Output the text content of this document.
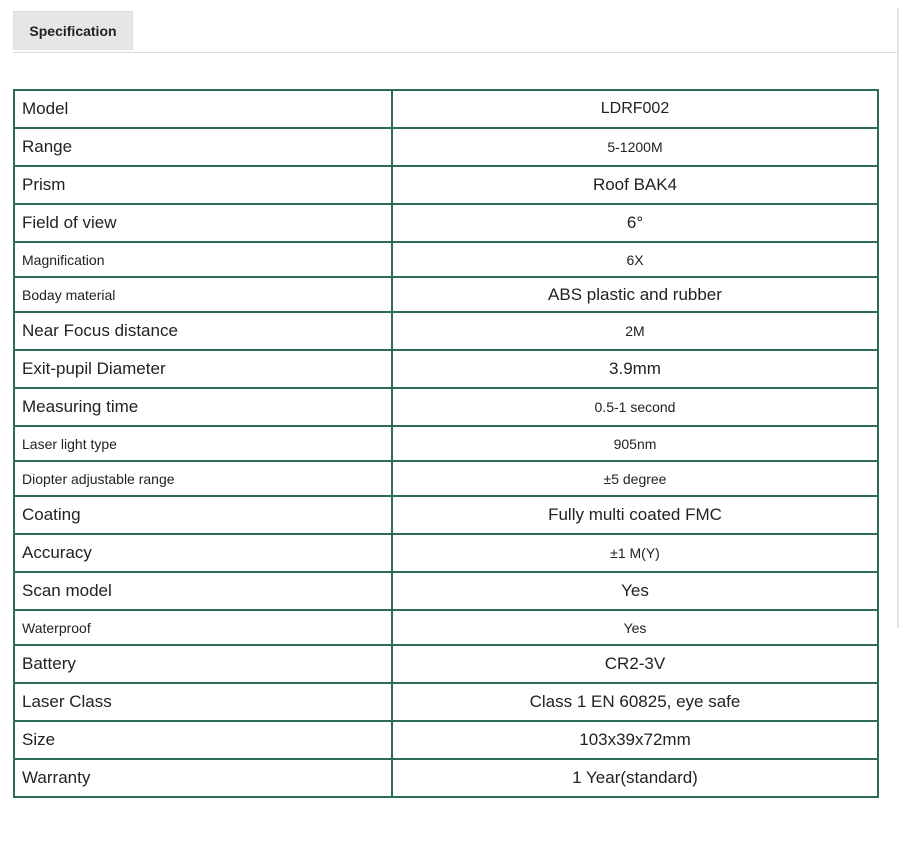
Specification
Model	LDRF002
Range	5-1200M
Prism	Roof BAK4
Field of view	6°
Magnification	6X
Boday material	ABS plastic and rubber
Near Focus distance	2M
Exit-pupil Diameter	3.9mm
Measuring time	0.5-1 second
Laser light type	905nm
Diopter adjustable range	±5 degree
Coating	Fully multi coated FMC
Accuracy	±1 M(Y)
Scan model	Yes
Waterproof	Yes
Battery	CR2-3V
Laser Class	Class 1 EN 60825, eye safe
Size	103x39x72mm
Warranty	1 Year(standard)
